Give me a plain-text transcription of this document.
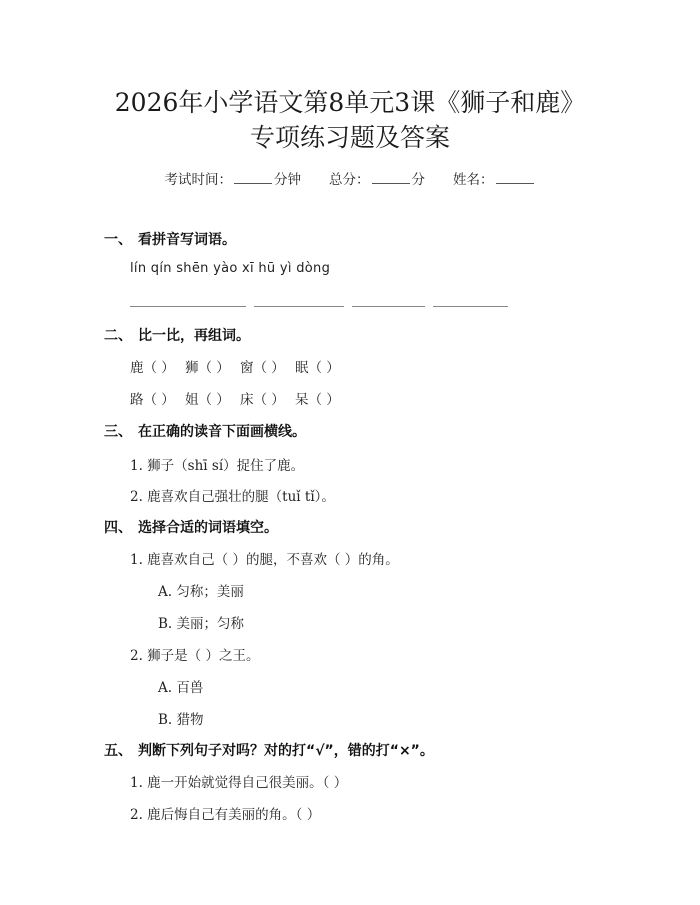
2026年小学语文第8单元3课《狮子和鹿》
专项练习题及答案
考试时间：	分钟 总分：	分 姓名：
一、 看拼音写词语。
lín qín shēn yào xī hū yì dòng
二、 比一比，再组词。
鹿（ ） 狮（ ） 窗（ ） 眠（ ）
路（ ） 姐（ ） 床（ ） 呆（ ）
三、 在正确的读音下面画横线。
1. 狮子（shī sí）捉住了鹿。
2. 鹿喜欢自己强壮的腿（tuǐ tǐ）。
四、 选择合适的词语填空。
1. 鹿喜欢自己（ ）的腿，不喜欢（ ）的角。
A. 匀称；美丽
B. 美丽；匀称
2. 狮子是（ ）之王。
A. 百兽
B. 猎物
五、 判断下列句子对吗？对的打“√”，错的打“×”。
1. 鹿一开始就觉得自己很美丽。（ ）
2. 鹿后悔自己有美丽的角。（ ）
